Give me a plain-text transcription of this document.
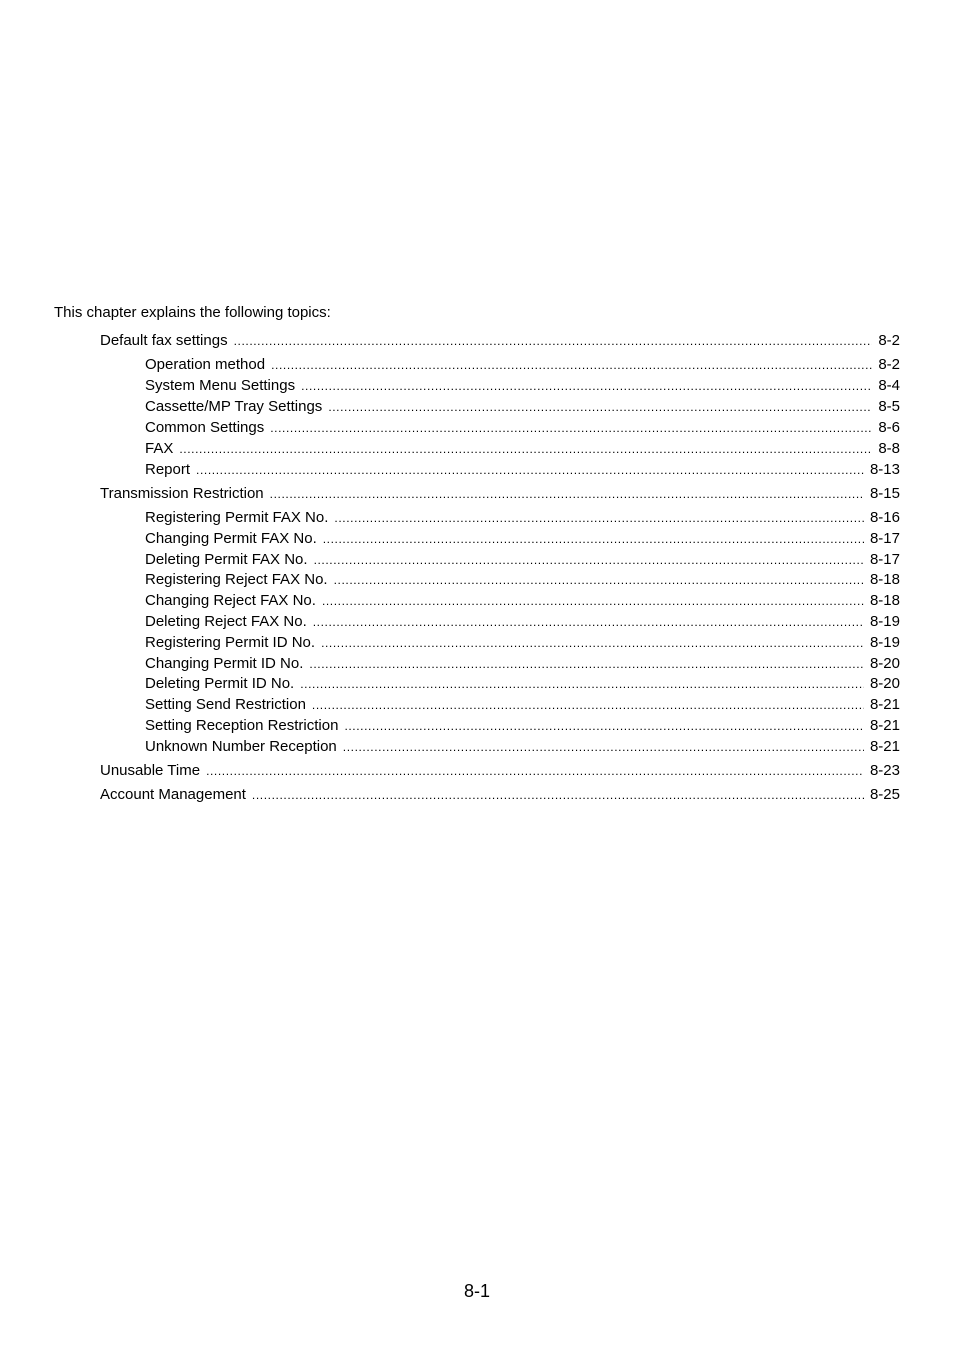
This chapter explains the following topics:
Default fax settings .....	8-2
Operation method .....	8-2
System Menu Settings .....	8-4
Cassette/MP Tray Settings .....	8-5
Common Settings .....	8-6
FAX .....	8-8
Report .....	8-13
Transmission Restriction .....	8-15
Registering Permit FAX No. .....	8-16
Changing Permit FAX No. .....	8-17
Deleting Permit FAX No. .....	8-17
Registering Reject FAX No. .....	8-18
Changing Reject FAX No. .....	8-18
Deleting Reject FAX No. .....	8-19
Registering Permit ID No. .....	8-19
Changing Permit ID No. .....	8-20
Deleting Permit ID No. .....	8-20
Setting Send Restriction .....	8-21
Setting Reception Restriction .....	8-21
Unknown Number Reception .....	8-21
Unusable Time .....	8-23
Account Management .....	8-25
8-1
